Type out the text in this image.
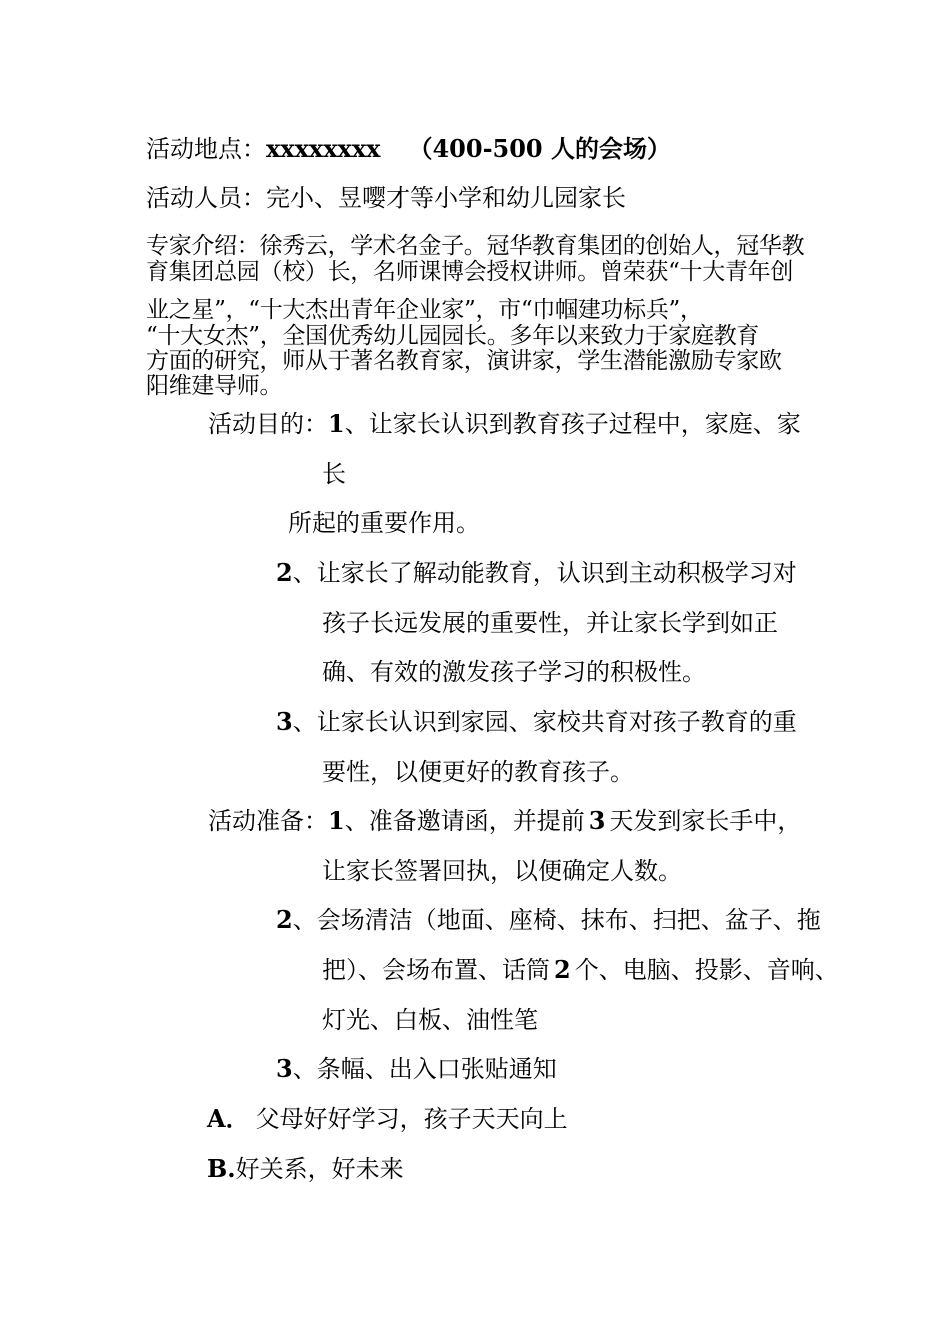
活动地点：xxxxxxxx （400-500 人的会场）

活动人员：完小、昱嘤才等小学和幼儿园家长

专家介绍：徐秀云，学术名金子。冠华教育集团的创始人，冠华教

育集团总园（校）长，名师课博会授权讲师。曾荣获“十大青年创

业之星”，“十大杰出青年企业家”，市“巾帼建功标兵”，

“十大女杰”，全国优秀幼儿园园长。多年以来致力于家庭教育

方面的研究，师从于著名教育家，演讲家，学生潜能激励专家欧

阳维建导师。

活动目的：1、让家长认识到教育孩子过程中，家庭、家

长

所起的重要作用。

2、让家长了解动能教育，认识到主动积极学习对

孩子长远发展的重要性，并让家长学到如正

确、有效的激发孩子学习的积极性。

3、让家长认识到家园、家校共育对孩子教育的重

要性，以便更好的教育孩子。

活动准备：1、准备邀请函，并提前 3 天发到家长手中，

让家长签署回执，以便确定人数。

2、会场清洁（地面、座椅、抹布、扫把、盆子、拖

把）、会场布置、话筒 2 个、电脑、投影、音响、

灯光、白板、油性笔

3、条幅、出入口张贴通知

A． 父母好好学习，孩子天天向上

B.好关系，好未来
